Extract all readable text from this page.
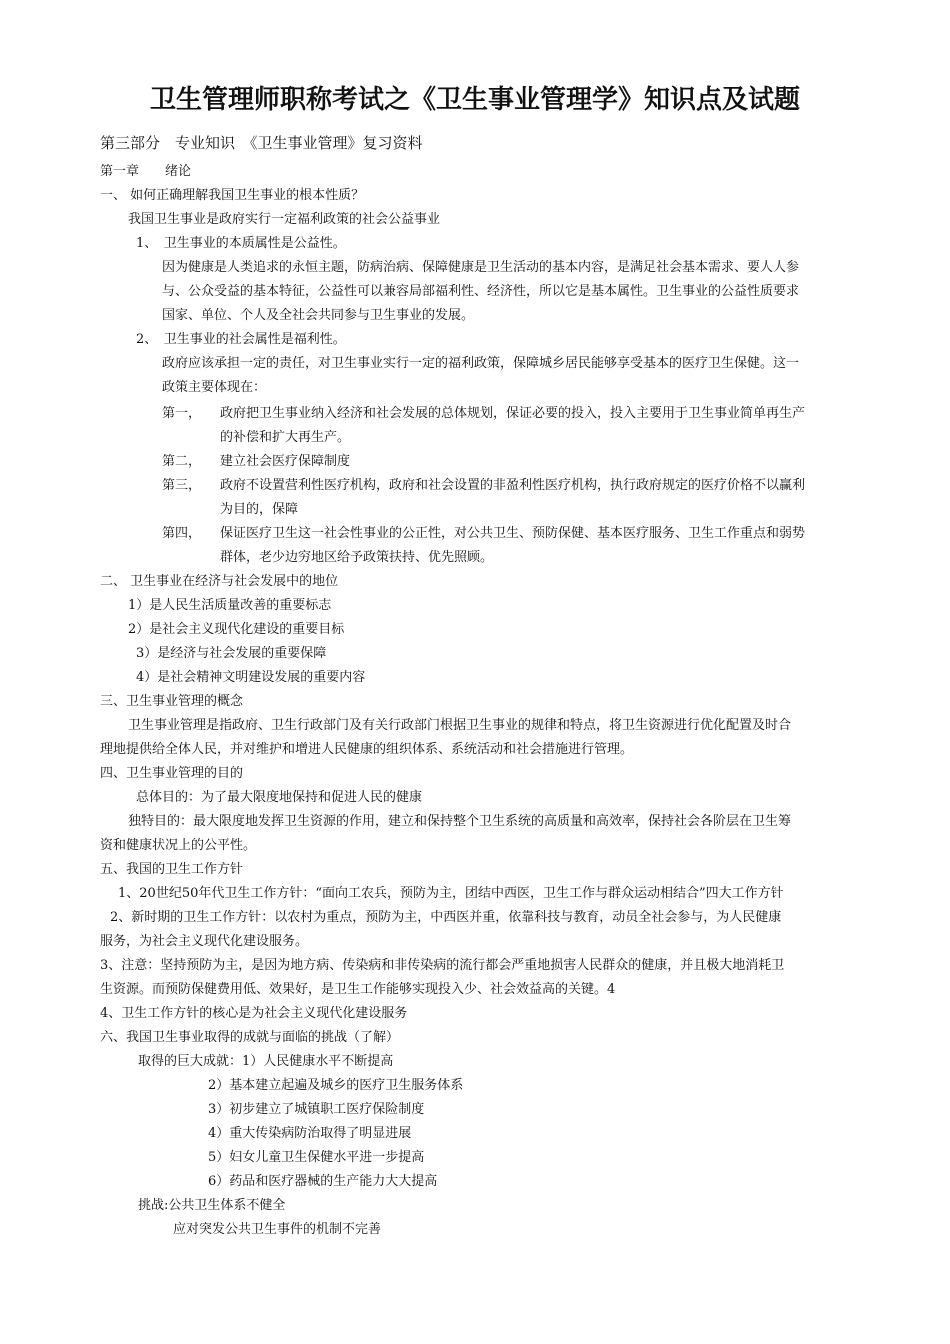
卫生管理师职称考试之《卫生事业管理学》知识点及试题
第三部分　专业知识　《卫生事业管理》复习资料
第一章　　绪论
一、 如何正确理解我国卫生事业的根本性质？
我国卫生事业是政府实行一定福利政策的社会公益事业
1、　卫生事业的本质属性是公益性。
因为健康是人类追求的永恒主题，防病治病、保障健康是卫生活动的基本内容，是满足社会基本需求、要人人参
与、公众受益的基本特征，公益性可以兼容局部福利性、经济性，所以它是基本属性。卫生事业的公益性质要求
国家、单位、个人及全社会共同参与卫生事业的发展。
2、　卫生事业的社会属性是福利性。
政府应该承担一定的责任，对卫生事业实行一定的福利政策，保障城乡居民能够享受基本的医疗卫生保健。这一
政策主要体现在：
第一， 政府把卫生事业纳入经济和社会发展的总体规划，保证必要的投入，投入主要用于卫生事业简单再生产
的补偿和扩大再生产。
第二， 建立社会医疗保障制度
第三， 政府不设置营利性医疗机构，政府和社会设置的非盈利性医疗机构，执行政府规定的医疗价格不以赢利
为目的，保障
第四， 保证医疗卫生这一社会性事业的公正性，对公共卫生、预防保健、基本医疗服务、卫生工作重点和弱势
群体，老少边穷地区给予政策扶持、优先照顾。
二、 卫生事业在经济与社会发展中的地位
1）是人民生活质量改善的重要标志
2）是社会主义现代化建设的重要目标
3）是经济与社会发展的重要保障
4）是社会精神文明建设发展的重要内容
三、卫生事业管理的概念
卫生事业管理是指政府、卫生行政部门及有关行政部门根据卫生事业的规律和特点，将卫生资源进行优化配置及时合
理地提供给全体人民，并对维护和增进人民健康的组织体系、系统活动和社会措施进行管理。
四、卫生事业管理的目的
总体目的：为了最大限度地保持和促进人民的健康
独特目的：最大限度地发挥卫生资源的作用，建立和保持整个卫生系统的高质量和高效率，保持社会各阶层在卫生筹
资和健康状况上的公平性。
五、我国的卫生工作方针
1、20世纪50年代卫生工作方针：“面向工农兵，预防为主，团结中西医，卫生工作与群众运动相结合”四大工作方针
2、新时期的卫生工作方针：以农村为重点，预防为主，中西医并重，依靠科技与教育，动员全社会参与，为人民健康
服务，为社会主义现代化建设服务。
3、注意：坚持预防为主，是因为地方病、传染病和非传染病的流行都会严重地损害人民群众的健康，并且极大地消耗卫
生资源。而预防保健费用低、效果好，是卫生工作能够实现投入少、社会效益高的关键。4
4、卫生工作方针的核心是为社会主义现代化建设服务
六、我国卫生事业取得的成就与面临的挑战（了解）
取得的巨大成就：1）人民健康水平不断提高
2）基本建立起遍及城乡的医疗卫生服务体系
3）初步建立了城镇职工医疗保险制度
4）重大传染病防治取得了明显进展
5）妇女儿童卫生保健水平进一步提高
6）药品和医疗器械的生产能力大大提高
挑战:公共卫生体系不健全
应对突发公共卫生事件的机制不完善
